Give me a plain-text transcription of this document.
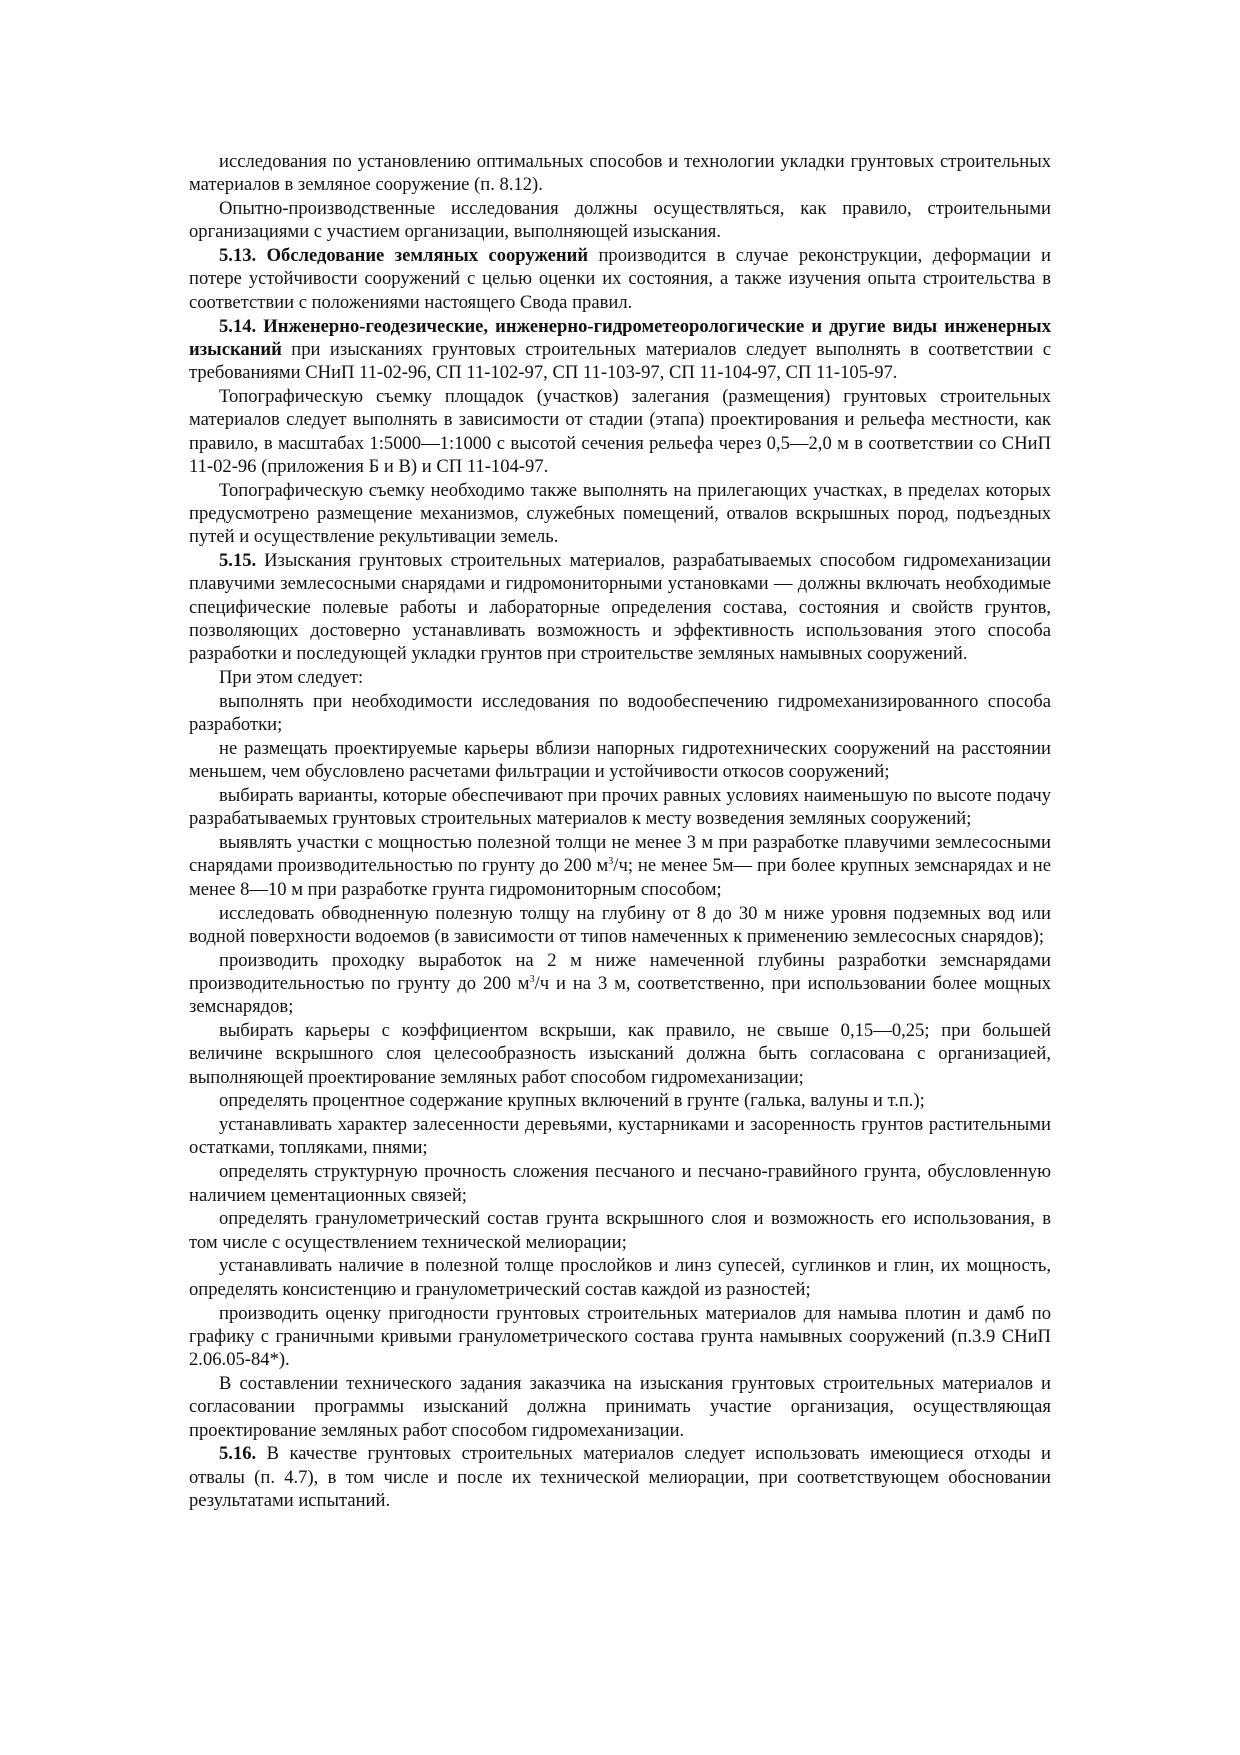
исследования по установлению оптимальных способов и технологии укладки грунтовых строительных материалов в земляное сооружение (п. 8.12).

Опытно-производственные исследования должны осуществляться, как правило, строительными организациями с участием организации, выполняющей изыскания.

5.13. Обследование земляных сооружений производится в случае реконструкции, деформации и потере устойчивости сооружений с целью оценки их состояния, а также изучения опыта строительства в соответствии с положениями настоящего Свода правил.

5.14. Инженерно-геодезические, инженерно-гидрометеорологические и другие виды инженерных изысканий при изысканиях грунтовых строительных материалов следует выполнять в соответствии с требованиями СНиП 11-02-96, СП 11-102-97, СП 11-103-97, СП 11-104-97, СП 11-105-97.

Топографическую съемку площадок (участков) залегания (размещения) грунтовых строительных материалов следует выполнять в зависимости от стадии (этапа) проектирования и рельефа местности, как правило, в масштабах 1:5000—1:1000 с высотой сечения рельефа через 0,5—2,0 м в соответствии со СНиП 11-02-96 (приложения Б и В) и СП 11-104-97.

Топографическую съемку необходимо также выполнять на прилегающих участках, в пределах которых предусмотрено размещение механизмов, служебных помещений, отвалов вскрышных пород, подъездных путей и осуществление рекультивации земель.

5.15. Изыскания грунтовых строительных материалов, разрабатываемых способом гидромеханизации плавучими землесосными снарядами и гидромониторными установками — должны включать необходимые специфические полевые работы и лабораторные определения состава, состояния и свойств грунтов, позволяющих достоверно устанавливать возможность и эффективность использования этого способа разработки и последующей укладки грунтов при строительстве земляных намывных сооружений.

При этом следует:

выполнять при необходимости исследования по водообеспечению гидромеханизированного способа разработки;

не размещать проектируемые карьеры вблизи напорных гидротехнических сооружений на расстоянии меньшем, чем обусловлено расчетами фильтрации и устойчивости откосов сооружений;

выбирать варианты, которые обеспечивают при прочих равных условиях наименьшую по высоте подачу разрабатываемых грунтовых строительных материалов к месту возведения земляных сооружений;

выявлять участки с мощностью полезной толщи не менее 3 м при разработке плавучими землесосными снарядами производительностью по грунту до 200 $м^3/ч$; не менее 5м— при более крупных земснарядах и не менее 8—10 м при разработке грунта гидромониторным способом;

исследовать обводненную полезную толщу на глубину от 8 до 30 м ниже уровня подземных вод или водной поверхности водоемов (в зависимости от типов намеченных к применению землесосных снарядов);

производить проходку выработок на 2 м ниже намеченной глубины разработки земснарядами производительностью по грунту до 200 $м^3/ч$ и на 3 м, соответственно, при использовании более мощных земснарядов;

выбирать карьеры с коэффициентом вскрыши, как правило, не свыше 0,15—0,25; при большей величине вскрышного слоя целесообразность изысканий должна быть согласована с организацией, выполняющей проектирование земляных работ способом гидромеханизации;

определять процентное содержание крупных включений в грунте (галька, валуны и т.п.);

устанавливать характер залесенности деревьями, кустарниками и засоренность грунтов растительными остатками, топляками, пнями;

определять структурную прочность сложения песчаного и песчано-гравийного грунта, обусловленную наличием цементационных связей;

определять гранулометрический состав грунта вскрышного слоя и возможность его использования, в том числе с осуществлением технической мелиорации;

устанавливать наличие в полезной толще прослойков и линз супесей, суглинков и глин, их мощность, определять консистенцию и гранулометрический состав каждой из разностей;

производить оценку пригодности грунтовых строительных материалов для намыва плотин и дамб по графику с граничными кривыми гранулометрического состава грунта намывных сооружений (п.3.9 СНиП 2.06.05-84*).

В составлении технического задания заказчика на изыскания грунтовых строительных материалов и согласовании программы изысканий должна принимать участие организация, осуществляющая проектирование земляных работ способом гидромеханизации.

5.16. В качестве грунтовых строительных материалов следует использовать имеющиеся отходы и отвалы (п. 4.7), в том числе и после их технической мелиорации, при соответствующем обосновании результатами испытаний.
